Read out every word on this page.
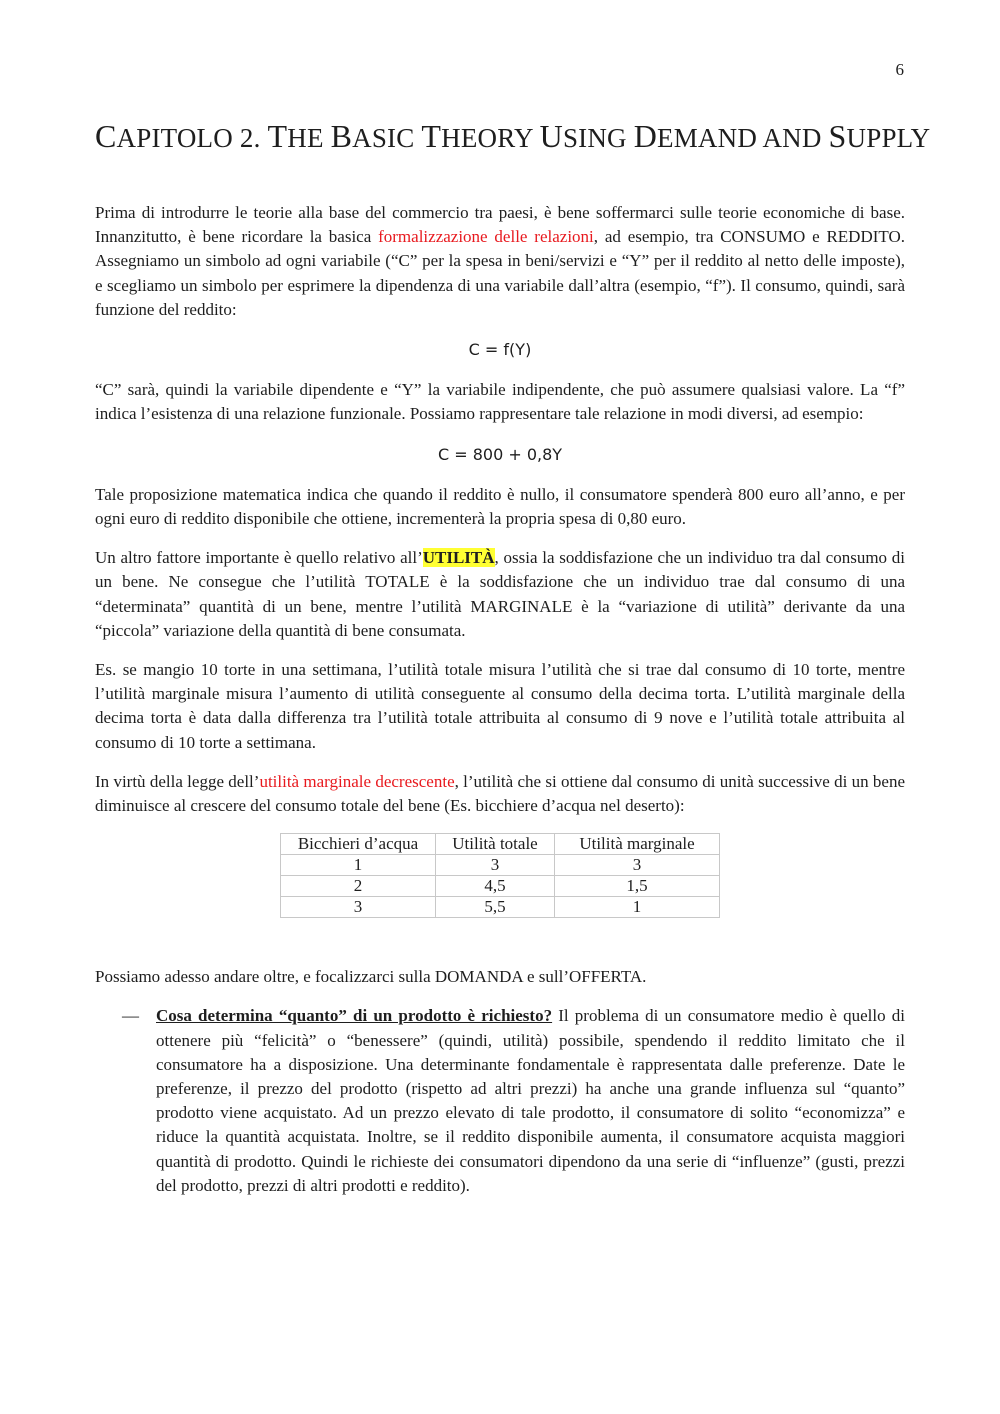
6
CAPITOLO 2. THE BASIC THEORY USING DEMAND AND SUPPLY

Prima di introdurre le teorie alla base del commercio tra paesi, è bene soffermarci sulle teorie economiche di base. Innanzitutto, è bene ricordare la basica formalizzazione delle relazioni, ad esempio, tra CONSUMO e REDDITO. Assegniamo un simbolo ad ogni variabile (“C” per la spesa in beni/servizi e “Y” per il reddito al netto delle imposte), e scegliamo un simbolo per esprimere la dipendenza di una variabile dall’altra (esempio, “f”). Il consumo, quindi, sarà funzione del reddito:

C = f(Y)

“C” sarà, quindi la variabile dipendente e “Y” la variabile indipendente, che può assumere qualsiasi valore. La “f” indica l’esistenza di una relazione funzionale. Possiamo rappresentare tale relazione in modi diversi, ad esempio:

C = 800 + 0,8Y

Tale proposizione matematica indica che quando il reddito è nullo, il consumatore spenderà 800 euro all’anno, e per ogni euro di reddito disponibile che ottiene, incrementerà la propria spesa di 0,80 euro.

Un altro fattore importante è quello relativo all’UTILITÀ, ossia la soddisfazione che un individuo tra dal consumo di un bene. Ne consegue che l’utilità TOTALE è la soddisfazione che un individuo trae dal consumo di una “determinata” quantità di un bene, mentre l’utilità MARGINALE è la “variazione di utilità” derivante da una “piccola” variazione della quantità di bene consumata.

Es. se mangio 10 torte in una settimana, l’utilità totale misura l’utilità che si trae dal consumo di 10 torte, mentre l’utilità marginale misura l’aumento di utilità conseguente al consumo della decima torta. L’utilità marginale della decima torta è data dalla differenza tra l’utilità totale attribuita al consumo di 9 nove e l’utilità totale attribuita al consumo di 10 torte a settimana.

In virtù della legge dell’utilità marginale decrescente, l’utilità che si ottiene dal consumo di unità successive di un bene diminuisce al crescere del consumo totale del bene (Es. bicchiere d’acqua nel deserto):

Bicchieri d’acqua	Utilità totale	Utilità marginale
1	3	3
2	4,5	1,5
3	5,5	1

Possiamo adesso andare oltre, e focalizzarci sulla DOMANDA e sull’OFFERTA.

— Cosa determina “quanto” di un prodotto è richiesto? Il problema di un consumatore medio è quello di ottenere più “felicità” o “benessere” (quindi, utilità) possibile, spendendo il reddito limitato che il consumatore ha a disposizione. Una determinante fondamentale è rappresentata dalle preferenze. Date le preferenze, il prezzo del prodotto (rispetto ad altri prezzi) ha anche una grande influenza sul “quanto” prodotto viene acquistato. Ad un prezzo elevato di tale prodotto, il consumatore di solito “economizza” e riduce la quantità acquistata. Inoltre, se il reddito disponibile aumenta, il consumatore acquista maggiori quantità di prodotto. Quindi le richieste dei consumatori dipendono da una serie di “influenze” (gusti, prezzi del prodotto, prezzi di altri prodotti e reddito).
